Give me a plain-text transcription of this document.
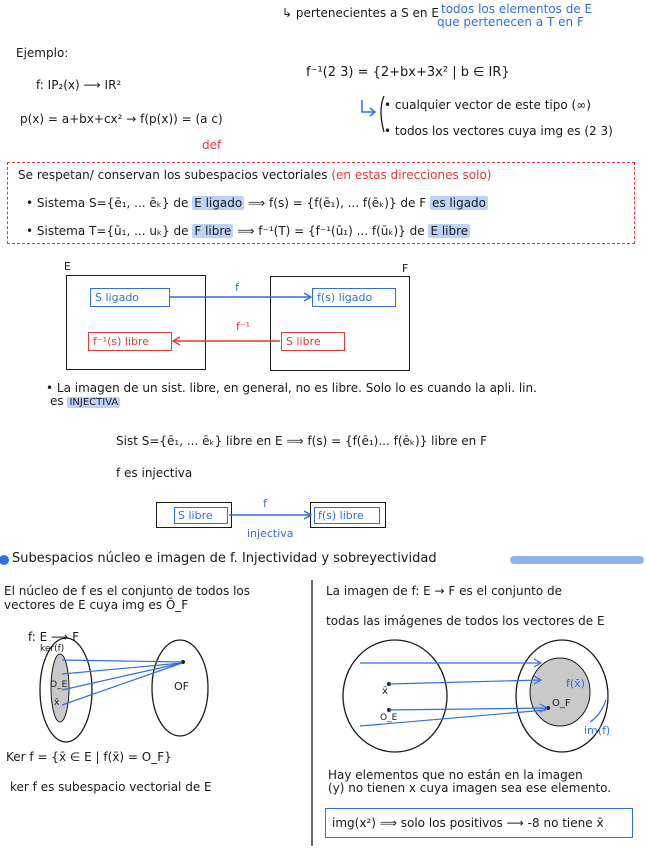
↳ pertenecientes a S en E todos los elementos de E
que pertenecen a T en F
Ejemplo:
f: IP₂(x) ⟶ IR²
p(x) = a+bx+cx² → f(p(x)) = (a c)
def
f⁻¹(2 3) = {2+bx+3x² | b ∈ IR}
• cualquier vector de este tipo (∞)
• todos los vectores cuya img es (2 3)
Se respetan/ conservan los subespacios vectoriales (en estas direcciones solo)
• Sistema S={ē₁, ... ēₖ} de E ligado ⟹ f(s) = {f(ē₁), ... f(ēₖ)} de F es ligado
• Sistema T={ū₁, ... uₖ} de F libre ⟹ f⁻¹(T) = {f⁻¹(ū₁) ... f(ūₖ)} de E libre
E	F
S ligado	f(s) ligado
f⁻¹(s) libre	S libre
f
f⁻¹
• La imagen de un sist. libre, en general, no es libre. Solo lo es cuando la apli. lin.
es INJECTIVA
Sist S={ē₁, ... ēₖ} libre en E ⟹ f(s) = {f(ē₁)... f(ēₖ)} libre en F
f es injectiva
S libre	f(s) libre
f
injectiva
Subespacios núcleo e imagen de f. Injectividad y sobreyectividad
El núcleo de f es el conjunto de todos los
vectores de E cuya img es Ō_F
f: E ⟶ F
ker(f)
O_E
x̄
OF
Ker f = {x̄ ∈ E | f(x̄) = O_F}
ker f es subespacio vectorial de E
La imagen de f: E → F es el conjunto de
todas las imágenes de todos los vectores de E
x̄
O_E
f(x̄)
O_F
im(f)
Hay elementos que no están en la imagen
(y) no tienen x cuya imagen sea ese elemento.
img(x²) ⟹ solo los positivos ⟶ -8 no tiene x̄
